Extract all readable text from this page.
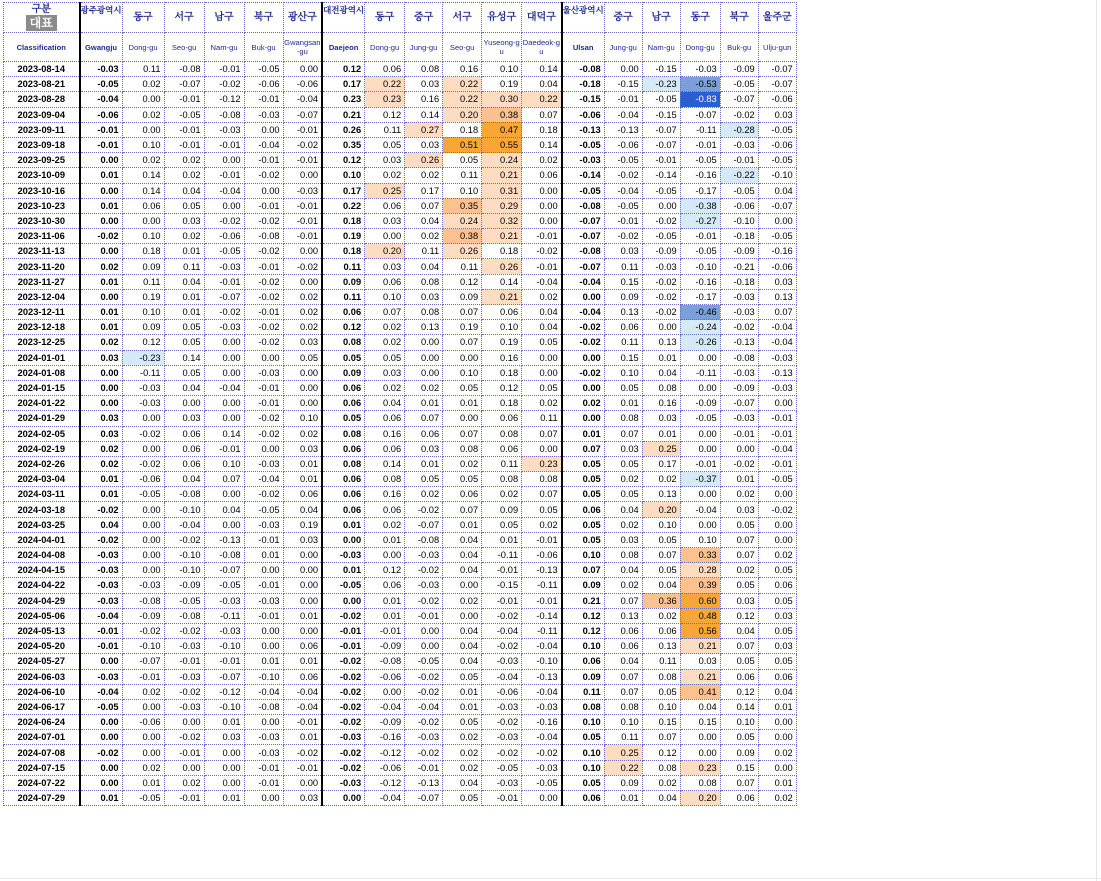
구분
대표	광주광역시	동구	서구	남구	북구	광산구	대전광역시	동구	중구	서구	유성구	대덕구	울산광역시	중구	남구	동구	북구	울주군
Classification	Gwangju	Dong-gu	Seo-gu	Nam-gu	Buk-gu	Gwangsan-gu	Daejeon	Dong-gu	Jung-gu	Seo-gu	Yuseong-gu	Daedeok-gu	Ulsan	Jung-gu	Nam-gu	Dong-gu	Buk-gu	Ulju-gun
2023-08-14	-0.03	0.11	-0.08	-0.01	-0.05	0.00	0.12	0.06	0.08	0.16	0.10	0.14	-0.08	0.00	-0.15	-0.03	-0.09	-0.07
2023-08-21	-0.05	0.02	-0.07	-0.02	-0.06	-0.06	0.17	0.22	0.03	0.22	0.19	0.04	-0.18	-0.15	-0.23	-0.53	-0.05	-0.07
2023-08-28	-0.04	0.00	-0.01	-0.12	-0.01	-0.04	0.23	0.23	0.16	0.22	0.30	0.22	-0.15	-0.01	-0.05	-0.83	-0.07	-0.06
2023-09-04	-0.06	0.02	-0.05	-0.08	-0.03	-0.07	0.21	0.12	0.14	0.20	0.38	0.07	-0.06	-0.04	-0.15	-0.07	-0.02	0.03
2023-09-11	-0.01	0.00	-0.01	-0.03	0.00	-0.01	0.26	0.11	0.27	0.18	0.47	0.18	-0.13	-0.13	-0.07	-0.11	-0.28	-0.05
2023-09-18	-0.01	0.10	-0.01	-0.01	-0.04	-0.02	0.35	0.05	0.03	0.51	0.55	0.14	-0.05	-0.06	-0.07	-0.01	-0.03	-0.06
2023-09-25	0.00	0.02	0.02	0.00	-0.01	-0.01	0.12	0.03	0.26	0.05	0.24	0.02	-0.03	-0.05	-0.01	-0.05	-0.01	-0.05
2023-10-09	0.01	0.14	0.02	-0.01	-0.02	0.00	0.10	0.02	0.02	0.11	0.21	0.06	-0.14	-0.02	-0.14	-0.16	-0.22	-0.10
2023-10-16	0.00	0.14	0.04	-0.04	0.00	-0.03	0.17	0.25	0.17	0.10	0.31	0.00	-0.05	-0.04	-0.05	-0.17	-0.05	0.04
2023-10-23	0.01	0.06	0.05	0.00	-0.01	-0.01	0.22	0.06	0.07	0.35	0.29	0.00	-0.08	-0.05	0.00	-0.38	-0.06	-0.07
2023-10-30	0.00	0.00	0.03	-0.02	-0.02	-0.01	0.18	0.03	0.04	0.24	0.32	0.00	-0.07	-0.01	-0.02	-0.27	-0.10	0.00
2023-11-06	-0.02	0.10	0.02	-0.06	-0.08	-0.01	0.19	0.00	0.02	0.38	0.21	-0.01	-0.07	-0.02	-0.05	-0.01	-0.18	-0.05
2023-11-13	0.00	0.18	0.01	-0.05	-0.02	0.00	0.18	0.20	0.11	0.26	0.18	-0.02	-0.08	0.03	-0.09	-0.05	-0.09	-0.16
2023-11-20	0.02	0.09	0.11	-0.03	-0.01	-0.02	0.11	0.03	0.04	0.11	0.26	-0.01	-0.07	0.11	-0.03	-0.10	-0.21	-0.06
2023-11-27	0.01	0.11	0.04	-0.01	-0.02	0.00	0.09	0.06	0.08	0.12	0.14	-0.04	-0.04	0.15	-0.02	-0.16	-0.18	0.03
2023-12-04	0.00	0.19	0.01	-0.07	-0.02	0.02	0.11	0.10	0.03	0.09	0.21	0.02	0.00	0.09	-0.02	-0.17	-0.03	0.13
2023-12-11	0.01	0.10	0.01	-0.02	-0.01	0.02	0.06	0.07	0.08	0.07	0.06	0.04	-0.04	0.13	-0.02	-0.46	-0.03	0.07
2023-12-18	0.01	0.09	0.05	-0.03	-0.02	0.02	0.12	0.02	0.13	0.19	0.10	0.04	-0.02	0.06	0.00	-0.24	-0.02	-0.04
2023-12-25	0.02	0.12	0.05	0.00	-0.02	0.03	0.08	0.02	0.00	0.07	0.19	0.05	-0.02	0.11	0.13	-0.26	-0.13	-0.04
2024-01-01	0.03	-0.23	0.14	0.00	0.00	0.05	0.05	0.05	0.00	0.00	0.16	0.00	0.00	0.15	0.01	0.00	-0.08	-0.03
2024-01-08	0.00	-0.11	0.05	0.00	-0.03	0.00	0.09	0.03	0.00	0.10	0.18	0.00	-0.02	0.10	0.04	-0.11	-0.03	-0.13
2024-01-15	0.00	-0.03	0.04	-0.04	-0.01	0.00	0.06	0.02	0.02	0.05	0.12	0.05	0.00	0.05	0.08	0.00	-0.09	-0.03
2024-01-22	0.00	-0.03	0.00	0.00	-0.01	0.00	0.06	0.04	0.01	0.01	0.18	0.02	0.02	0.01	0.16	-0.09	-0.07	0.00
2024-01-29	0.03	0.00	0.03	0.00	-0.02	0.10	0.05	0.06	0.07	0.00	0.06	0.11	0.00	0.08	0.03	-0.05	-0.03	-0.01
2024-02-05	0.03	-0.02	0.06	0.14	-0.02	0.02	0.08	0.16	0.06	0.07	0.08	0.07	0.01	0.07	0.01	0.00	-0.01	-0.01
2024-02-19	0.02	0.00	0.06	-0.01	0.00	0.03	0.06	0.06	0.03	0.08	0.06	0.00	0.07	0.03	0.25	0.00	0.00	-0.04
2024-02-26	0.02	-0.02	0.06	0.10	-0.03	0.01	0.08	0.14	0.01	0.02	0.11	0.23	0.05	0.05	0.17	-0.01	-0.02	-0.01
2024-03-04	0.01	-0.06	0.04	0.07	-0.04	0.01	0.06	0.08	0.05	0.05	0.08	0.08	0.05	0.02	0.02	-0.37	0.01	-0.05
2024-03-11	0.01	-0.05	-0.08	0.00	-0.02	0.06	0.06	0.16	0.02	0.06	0.02	0.07	0.05	0.05	0.13	0.00	0.02	0.00
2024-03-18	-0.02	0.00	-0.10	0.04	-0.05	0.04	0.06	0.06	-0.02	0.07	0.09	0.05	0.06	0.04	0.20	-0.04	0.03	-0.02
2024-03-25	0.04	0.00	-0.04	0.00	-0.03	0.19	0.01	0.02	-0.07	0.01	0.05	0.02	0.05	0.02	0.10	0.00	0.05	0.00
2024-04-01	-0.02	0.00	-0.02	-0.13	-0.01	0.03	0.00	0.01	-0.08	0.04	0.01	-0.01	0.05	0.03	0.05	0.10	0.07	0.00
2024-04-08	-0.03	0.00	-0.10	-0.08	0.01	0.00	-0.03	0.00	-0.03	0.04	-0.11	-0.06	0.10	0.08	0.07	0.33	0.07	0.02
2024-04-15	-0.03	0.00	-0.10	-0.07	0.00	0.00	0.01	0.12	-0.02	0.04	-0.01	-0.13	0.07	0.04	0.05	0.28	0.02	0.05
2024-04-22	-0.03	-0.03	-0.09	-0.05	-0.01	0.00	-0.05	0.06	-0.03	0.00	-0.15	-0.11	0.09	0.02	0.04	0.39	0.05	0.06
2024-04-29	-0.03	-0.08	-0.05	-0.03	-0.03	0.00	0.00	0.01	-0.02	0.02	-0.01	-0.01	0.21	0.07	0.36	0.60	0.03	0.05
2024-05-06	-0.04	-0.09	-0.08	-0.11	-0.01	0.01	-0.02	0.01	-0.01	0.00	-0.02	-0.14	0.12	0.13	0.02	0.48	0.12	0.03
2024-05-13	-0.01	-0.02	-0.02	-0.03	0.00	0.00	-0.01	-0.01	0.00	0.04	-0.04	-0.11	0.12	0.06	0.06	0.56	0.04	0.05
2024-05-20	-0.01	-0.10	-0.03	-0.10	0.00	0.06	-0.01	-0.09	0.00	0.04	-0.02	-0.04	0.10	0.06	0.13	0.21	0.07	0.03
2024-05-27	0.00	-0.07	-0.01	-0.01	0.01	0.01	-0.02	-0.08	-0.05	0.04	-0.03	-0.10	0.06	0.04	0.11	0.03	0.05	0.05
2024-06-03	-0.03	-0.01	-0.03	-0.07	-0.10	0.06	-0.02	-0.06	-0.02	0.05	-0.04	-0.13	0.09	0.07	0.08	0.21	0.06	0.06
2024-06-10	-0.04	0.02	-0.02	-0.12	-0.04	-0.04	-0.02	0.00	-0.02	0.01	-0.06	-0.04	0.11	0.07	0.05	0.41	0.12	0.04
2024-06-17	-0.05	0.00	-0.03	-0.10	-0.08	-0.04	-0.02	-0.04	-0.04	0.01	-0.03	-0.03	0.08	0.08	0.10	0.04	0.14	0.01
2024-06-24	0.00	-0.06	0.00	0.01	0.00	-0.01	-0.02	-0.09	-0.02	0.05	-0.02	-0.16	0.10	0.10	0.15	0.15	0.10	0.00
2024-07-01	0.00	0.00	-0.02	0.03	-0.03	0.01	-0.03	-0.16	-0.03	0.02	-0.03	-0.04	0.05	0.11	0.07	0.00	0.05	0.00
2024-07-08	-0.02	0.00	-0.01	0.00	-0.03	-0.02	-0.02	-0.12	-0.02	0.02	-0.02	-0.02	0.10	0.25	0.12	0.00	0.09	0.02
2024-07-15	0.00	0.02	0.00	0.00	-0.01	-0.01	-0.02	-0.06	-0.01	0.02	-0.05	-0.03	0.10	0.22	0.08	0.23	0.15	0.00
2024-07-22	0.00	0.01	0.02	0.00	-0.01	0.00	-0.03	-0.12	-0.13	0.04	-0.03	-0.05	0.05	0.09	0.02	0.08	0.07	0.01
2024-07-29	0.01	-0.05	-0.01	0.01	0.00	0.03	0.00	-0.04	-0.07	0.05	-0.01	0.00	0.06	0.01	0.04	0.20	0.06	0.02
